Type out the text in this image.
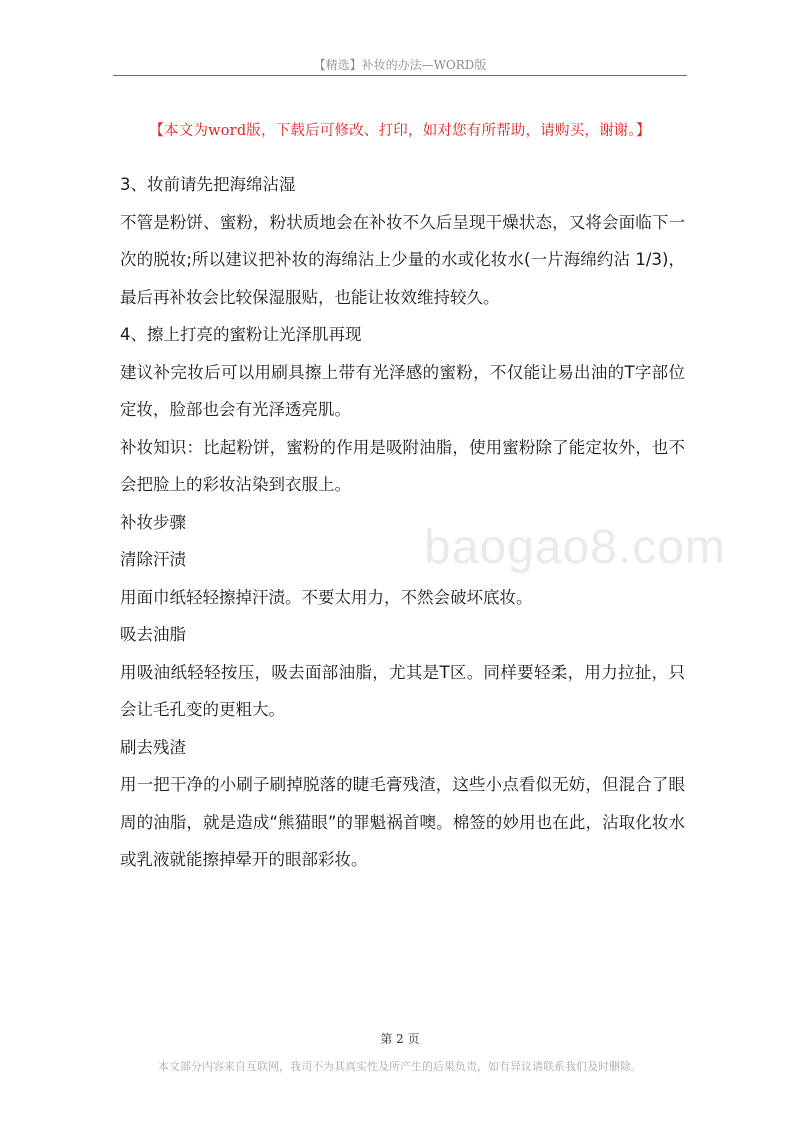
【精选】补妆的办法—WORD版
【本文为word版，下载后可修改、打印，如对您有所帮助，请购买，谢谢。】

3、妆前请先把海绵沾湿

不管是粉饼、蜜粉，粉状质地会在补妆不久后呈现干燥状态，又将会面临下一次的脱妆;所以建议把补妆的海绵沾上少量的水或化妆水(一片海绵约沾 1/3)，最后再补妆会比较保湿服贴，也能让妆效维持较久。

4、擦上打亮的蜜粉让光泽肌再现

建议补完妆后可以用刷具擦上带有光泽感的蜜粉，不仅能让易出油的T字部位定妆，脸部也会有光泽透亮肌。

补妆知识：比起粉饼，蜜粉的作用是吸附油脂，使用蜜粉除了能定妆外，也不会把脸上的彩妆沾染到衣服上。

补妆步骤

清除汗渍

用面巾纸轻轻擦掉汗渍。不要太用力，不然会破坏底妆。

吸去油脂

用吸油纸轻轻按压，吸去面部油脂，尤其是T区。同样要轻柔，用力拉扯，只会让毛孔变的更粗大。

刷去残渣

用一把干净的小刷子刷掉脱落的睫毛膏残渣，这些小点看似无妨，但混合了眼周的油脂，就是造成“熊猫眼”的罪魁祸首噢。棉签的妙用也在此，沾取化妆水或乳液就能擦掉晕开的眼部彩妆。

baogao8.com
第 2 页
本文部分内容来自互联网，我司不为其真实性及所产生的后果负责，如有异议请联系我们及时删除。
